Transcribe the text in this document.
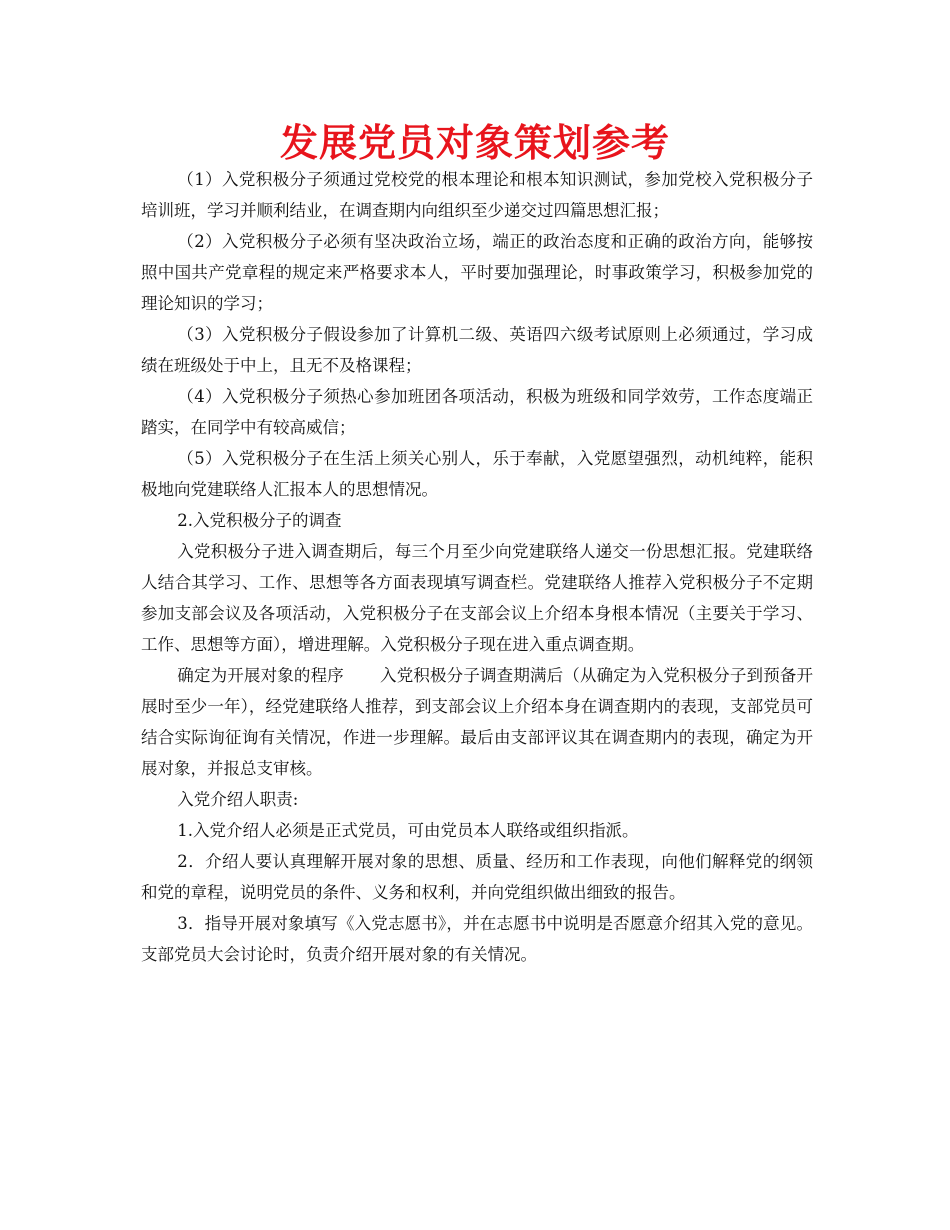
发展党员对象策划参考

（1）入党积极分子须通过党校党的根本理论和根本知识测试，参加党校入党积极分子培训班，学习并顺利结业，在调查期内向组织至少递交过四篇思想汇报；

（2）入党积极分子必须有坚决政治立场，端正的政治态度和正确的政治方向，能够按照中国共产党章程的规定来严格要求本人，平时要加强理论，时事政策学习，积极参加党的理论知识的学习；

（3）入党积极分子假设参加了计算机二级、英语四六级考试原则上必须通过，学习成绩在班级处于中上，且无不及格课程；

（4）入党积极分子须热心参加班团各项活动，积极为班级和同学效劳，工作态度端正踏实，在同学中有较高威信；

（5）入党积极分子在生活上须关心别人，乐于奉献，入党愿望强烈，动机纯粹，能积极地向党建联络人汇报本人的思想情况。

2.入党积极分子的调查

入党积极分子进入调查期后，每三个月至少向党建联络人递交一份思想汇报。党建联络人结合其学习、工作、思想等各方面表现填写调查栏。党建联络人推荐入党积极分子不定期参加支部会议及各项活动，入党积极分子在支部会议上介绍本身根本情况（主要关于学习、工作、思想等方面），增进理解。入党积极分子现在进入重点调查期。

确定为开展对象的程序 入党积极分子调查期满后（从确定为入党积极分子到预备开展时至少一年），经党建联络人推荐，到支部会议上介绍本身在调查期内的表现，支部党员可结合实际询征询有关情况，作进一步理解。最后由支部评议其在调查期内的表现，确定为开展对象，并报总支审核。

入党介绍人职责:

1.入党介绍人必须是正式党员，可由党员本人联络或组织指派。

2．介绍人要认真理解开展对象的思想、质量、经历和工作表现，向他们解释党的纲领和党的章程，说明党员的条件、义务和权利，并向党组织做出细致的报告。

3．指导开展对象填写《入党志愿书》，并在志愿书中说明是否愿意介绍其入党的意见。支部党员大会讨论时，负责介绍开展对象的有关情况。
